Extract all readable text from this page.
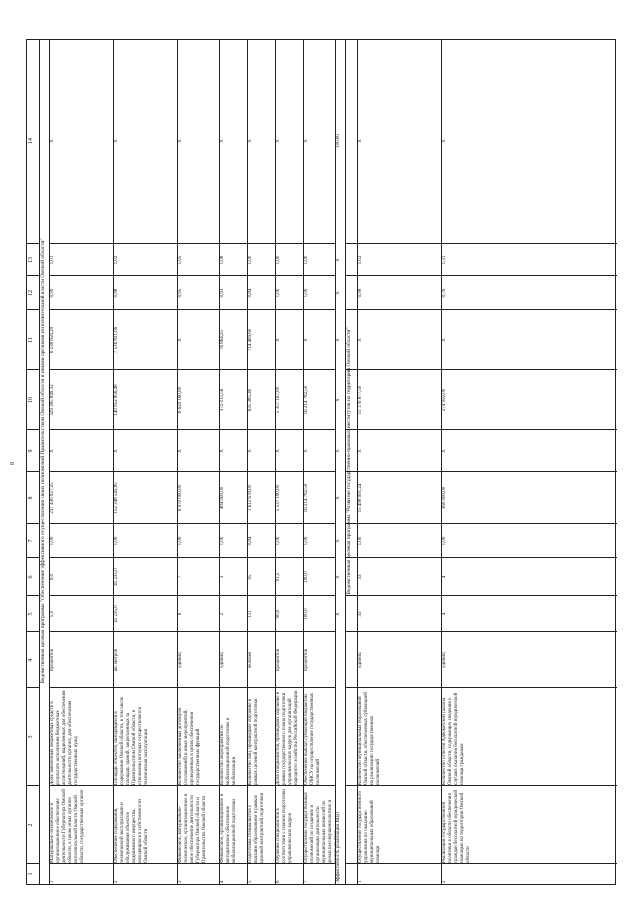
8
1
2
3
4
5
6
7
8
9
10
11
12
13
14
Ведомственная целевая программа "Обеспечение эффективного осуществления своих полномочий Правительством Омской области и иными органами исполнительной власти Омской области"
1
Материально-техническое и организационное обеспечение деятельности Губернатора Омской области, а также иных органов исполнительной власти Омской области, государственных органов
Доля заявленных бюджетных средств в результате исполнения бюджетных ассигнований, выделенных для обеспечения деятельности органов, для обеспечения государственных нужд
процентов
5,0
9,0
1,00
237 430 927,25
X
329 385 849,32
6 238 656,29
0,99
1,01
X
2
Обеспечение содержания, технической эксплуатации и обслуживания объектов недвижимого имущества, находящихся в собственности Омской области
Площадь объектов, находящихся в содержании Омской области, в том числе площадь зданий, закрепленных за Правительством Омской области, в отношении которых осуществляется техническая эксплуатация
кв. метров
41 235,0
41 235,0
1,00
152 348 543,85
X
140 952 856,48
7 516 821,06
0,98
1,02
X
3
Финансовое, материально-техническое, организационное и иное обеспечение деятельности Губернатора Омской области и Правительства Омской области
Количество заключенных договоров (соглашений) и иных мероприятий, проведенных в целях обеспечения государственных функций
единиц
6
7
1,00
6 970 000,00
X
6 629 160,00
X
0,95
1,05
X
4
Финансовое, организационное и методическое обеспечение мобилизационной подготовки
Количество мероприятий по мобилизационной подготовке и мобилизации
единиц
2
3
1,00
484 000,00
X
372 015,56
76 864,25
0,93
1,08
X
5
Подготовка специалистов с высшим образованием в рамках целевой контрактной подготовки
Количество лиц, прошедших обучение в рамках целевой контрактной подготовки
человек
111
95
0,84
1 612 678,00
X
635 385,40
714 409,60
0,84
1,00
X
6
Обучение специалистов в соответствии с планом подготовки управленческих кадров
Доля специалистов, прошедших обучение в рамках государственного плана подготовки управленческих кадров для организаций народного хозяйства Российской Федерации
процентов
90,0
91,5
1,00
5 537 190,00
X
5 357 167,00
X
1,00
1,00
X
7
Осуществление государственных полномочий по созданию и организации деятельности муниципальных комиссий по делам несовершеннолетних и
Обеспечение выплат субвенций бюджетам ОМСУ на осуществление государственных полномочий
процентов
100,0
100,0
1,00
16 214 782,50
X
16 214 782,50
X
1,00
1,00
X
Эффективность реализации ВЦП
X
X
X
X
X
X
X
X
X
100,00
Ведомственная целевая программа "Развитие государственно-правовых институтов на территории Омской области"
1
Осуществление государственного управления по оказанию муниципальных образований помощи
Количество муниципальных образований Омской области, обеспеченных субвенцией на реализацию государственных полномочий
единиц
33
33
1,00
15 498 991,24
X
15 176 877,50
X
0,98
1,02
X
2
Реализация государственной политики в области обеспечения граждан бесплатной юридической помощью на территории Омской области
Количество отчетов Адвокатской палаты Омской области, содержащих сведения о случаях оказания бесплатной юридической помощи гражданам
единиц
4
4
1,00
360 000,00
X
274 950,00
X
0,76
1,31
X
